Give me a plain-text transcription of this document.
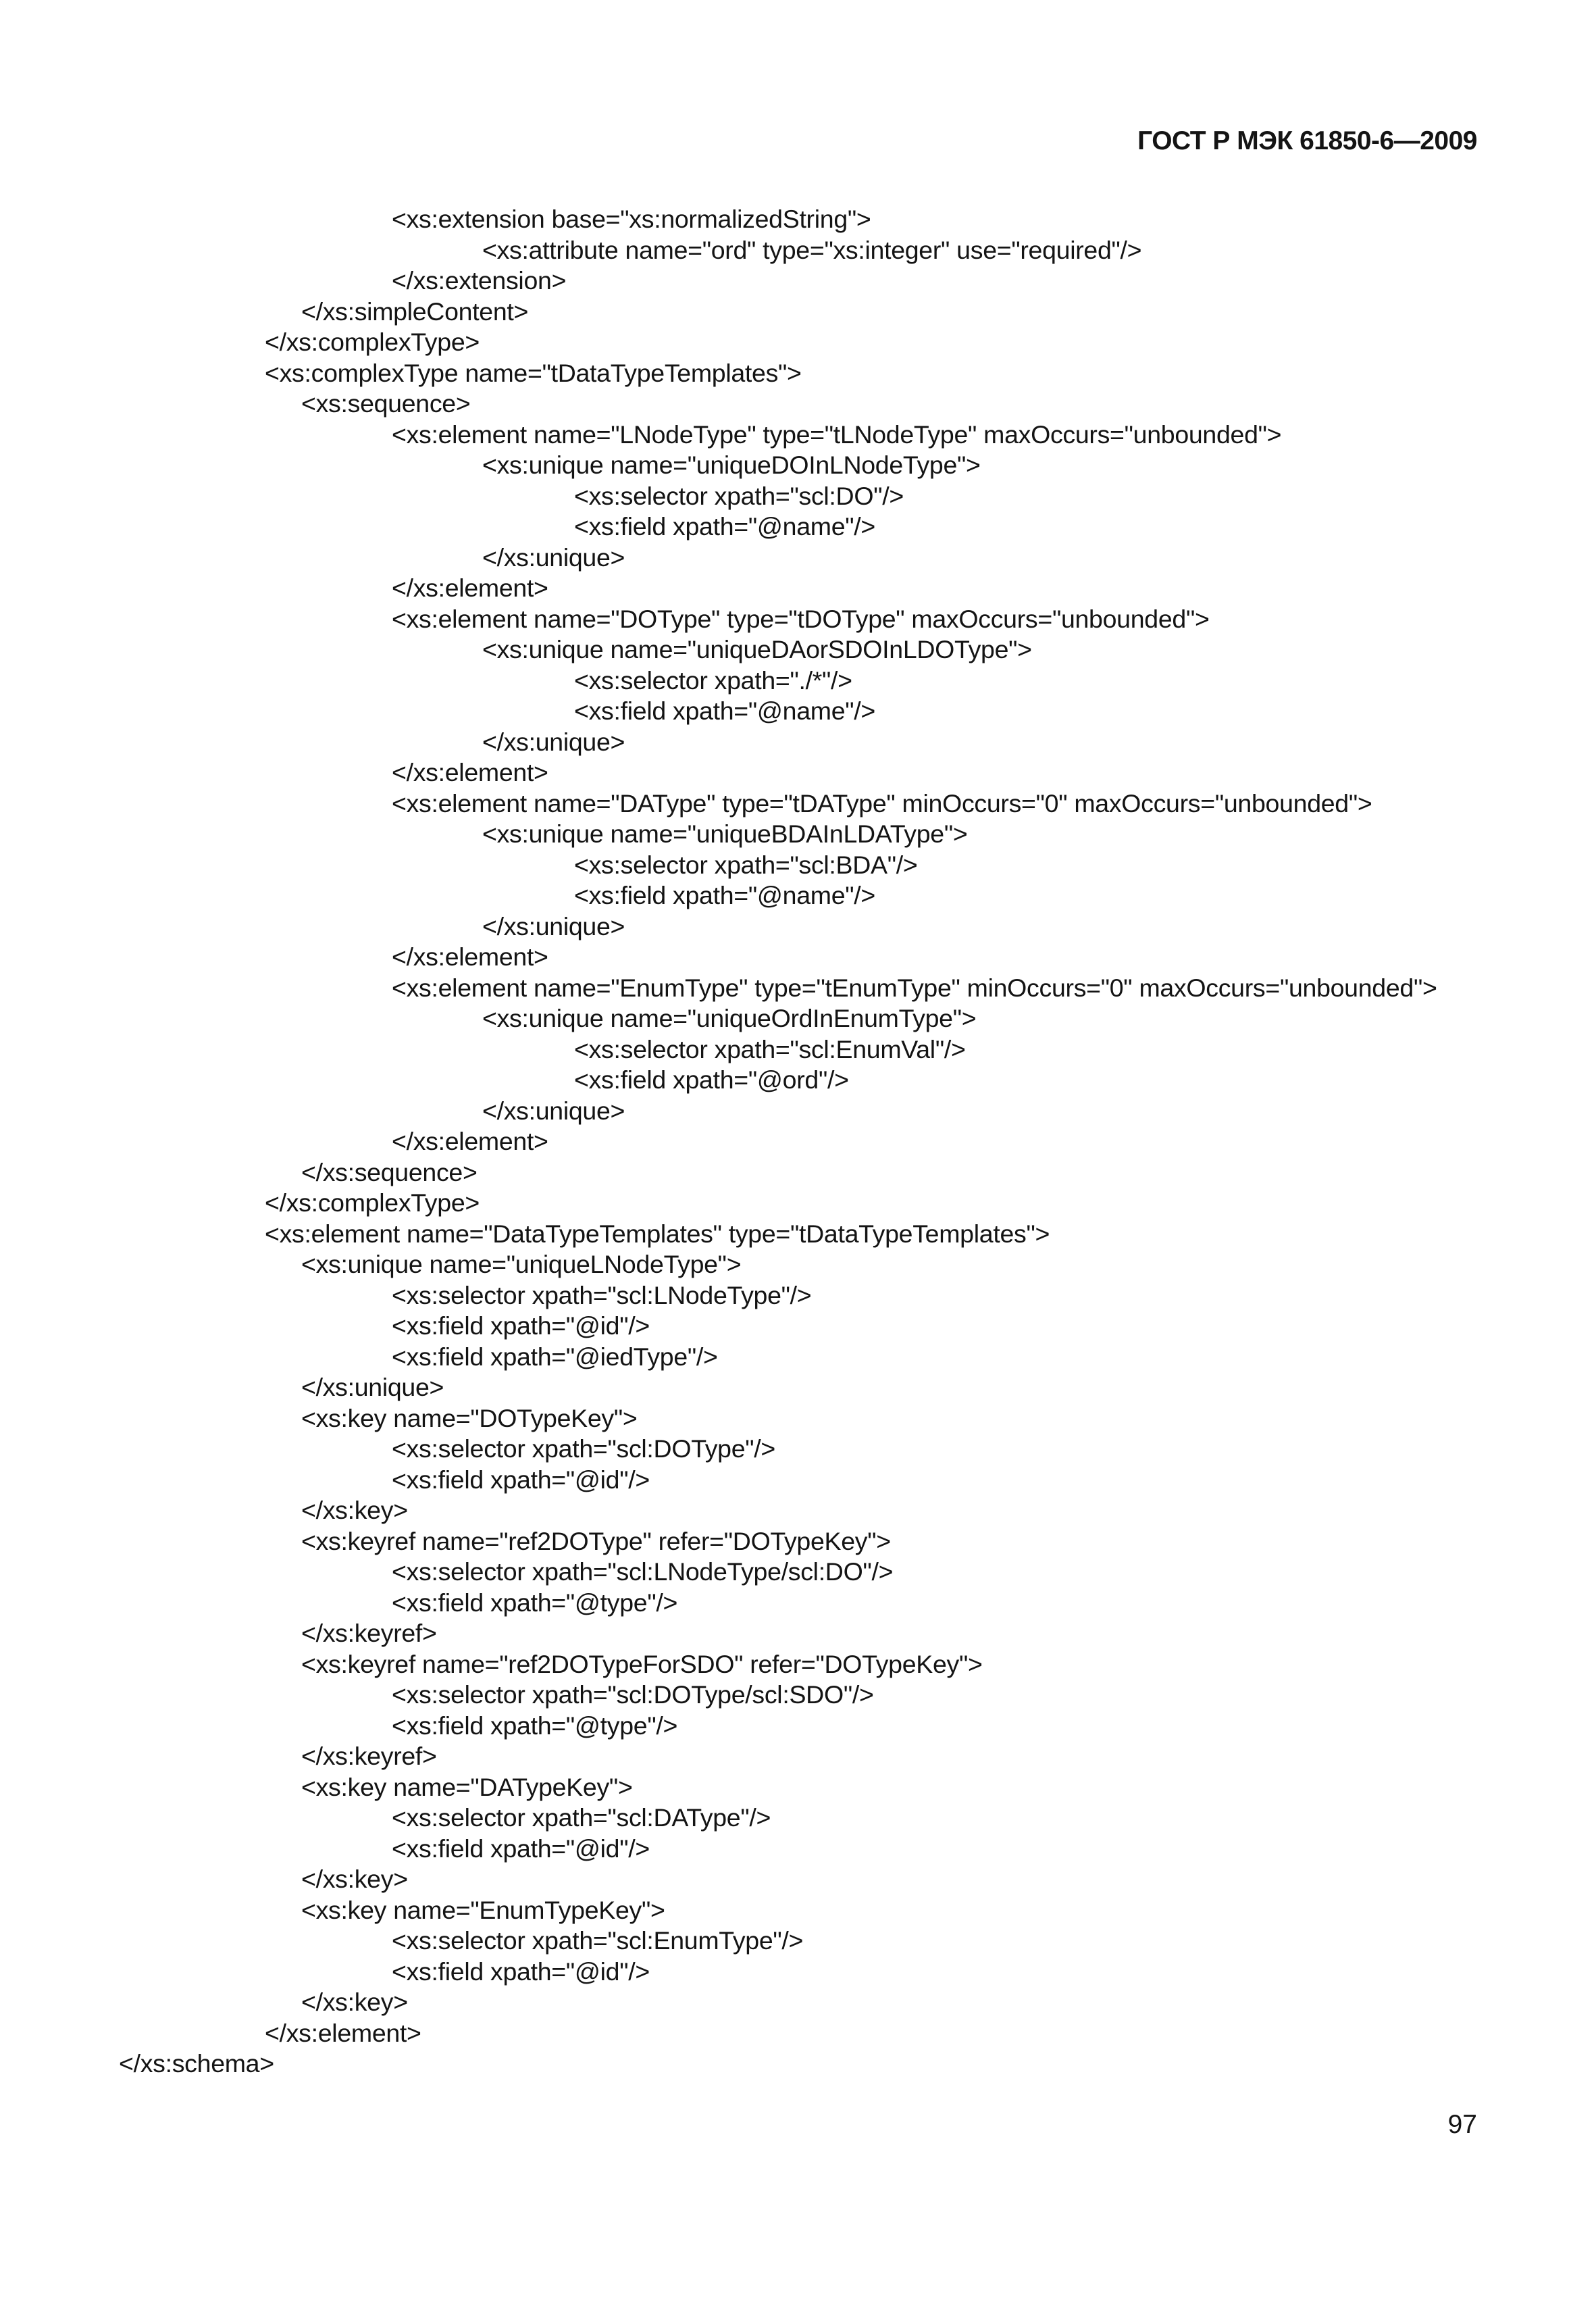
ГОСТ Р МЭК 61850-6—2009
<xs:extension base="xs:normalizedString">
<xs:attribute name="ord" type="xs:integer" use="required"/>
</xs:extension>
</xs:simpleContent>
</xs:complexType>
<xs:complexType name="tDataTypeTemplates">
<xs:sequence>
<xs:element name="LNodeType" type="tLNodeType" maxOccurs="unbounded">
<xs:unique name="uniqueDOInLNodeType">
<xs:selector xpath="scl:DO"/>
<xs:field xpath="@name"/>
</xs:unique>
</xs:element>
<xs:element name="DOType" type="tDOType" maxOccurs="unbounded">
<xs:unique name="uniqueDAorSDOInLDOType">
<xs:selector xpath="./*"/>
<xs:field xpath="@name"/>
</xs:unique>
</xs:element>
<xs:element name="DAType" type="tDAType" minOccurs="0" maxOccurs="unbounded">
<xs:unique name="uniqueBDAInLDAType">
<xs:selector xpath="scl:BDA"/>
<xs:field xpath="@name"/>
</xs:unique>
</xs:element>
<xs:element name="EnumType" type="tEnumType" minOccurs="0" maxOccurs="unbounded">
<xs:unique name="uniqueOrdInEnumType">
<xs:selector xpath="scl:EnumVal"/>
<xs:field xpath="@ord"/>
</xs:unique>
</xs:element>
</xs:sequence>
</xs:complexType>
<xs:element name="DataTypeTemplates" type="tDataTypeTemplates">
<xs:unique name="uniqueLNodeType">
<xs:selector xpath="scl:LNodeType"/>
<xs:field xpath="@id"/>
<xs:field xpath="@iedType"/>
</xs:unique>
<xs:key name="DOTypeKey">
<xs:selector xpath="scl:DOType"/>
<xs:field xpath="@id"/>
</xs:key>
<xs:keyref name="ref2DOType" refer="DOTypeKey">
<xs:selector xpath="scl:LNodeType/scl:DO"/>
<xs:field xpath="@type"/>
</xs:keyref>
<xs:keyref name="ref2DOTypeForSDO" refer="DOTypeKey">
<xs:selector xpath="scl:DOType/scl:SDO"/>
<xs:field xpath="@type"/>
</xs:keyref>
<xs:key name="DATypeKey">
<xs:selector xpath="scl:DAType"/>
<xs:field xpath="@id"/>
</xs:key>
<xs:key name="EnumTypeKey">
<xs:selector xpath="scl:EnumType"/>
<xs:field xpath="@id"/>
</xs:key>
</xs:element>
</xs:schema>
97
